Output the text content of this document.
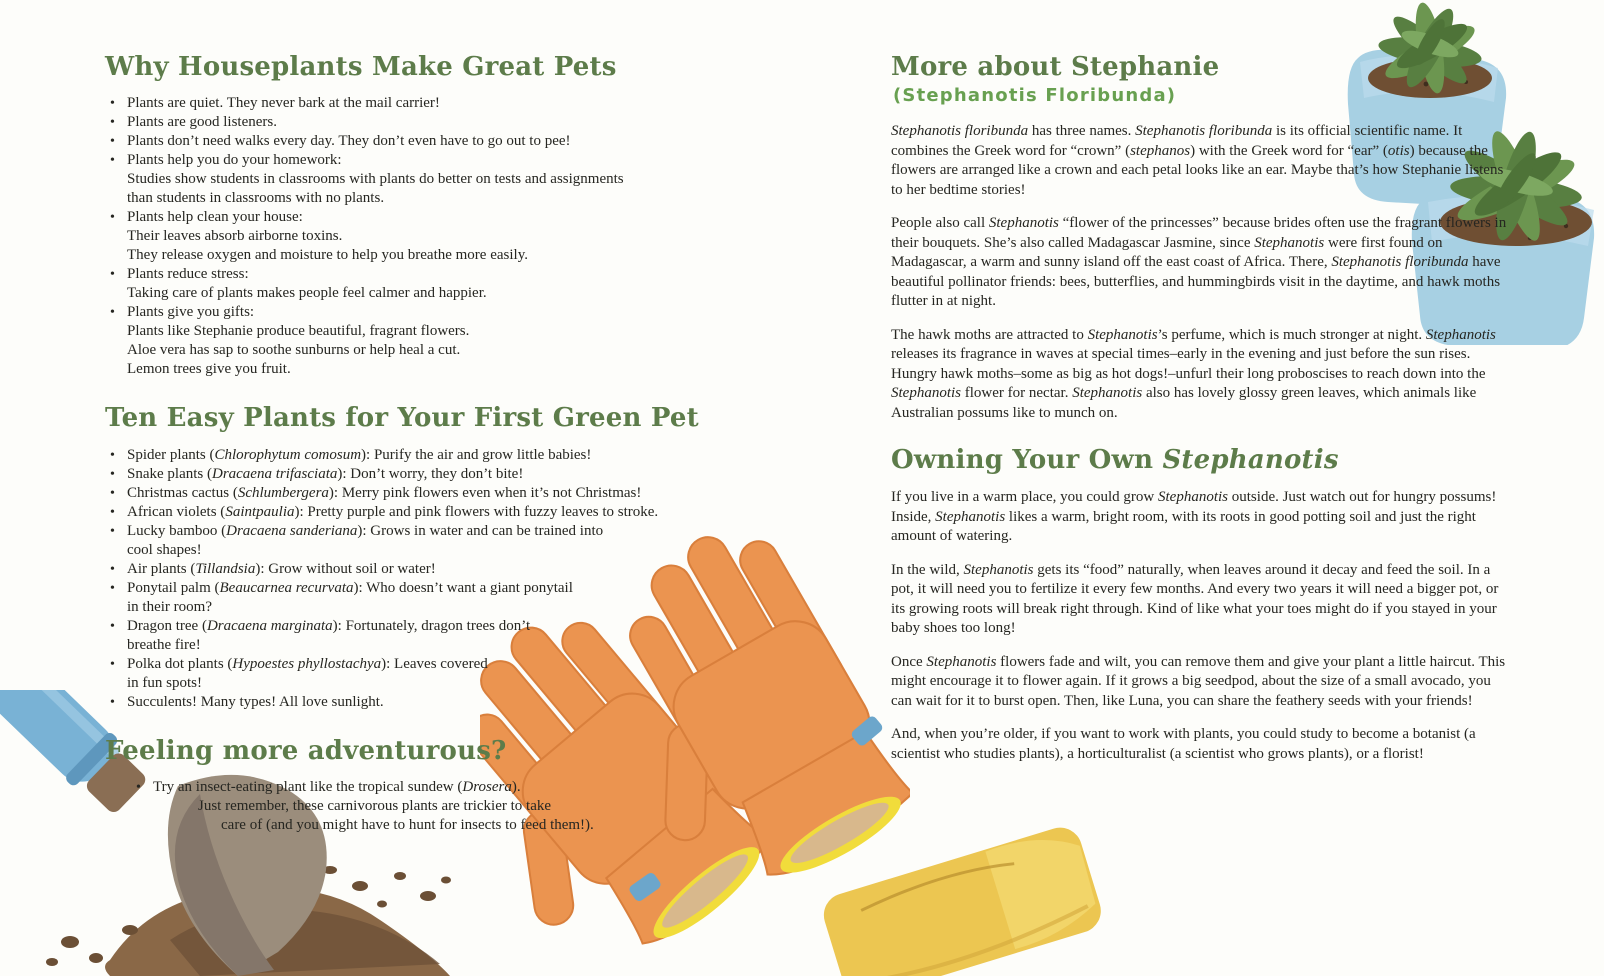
Why Houseplants Make Great Pets
• Plants are quiet. They never bark at the mail carrier!
• Plants are good listeners.
• Plants don’t need walks every day. They don’t even have to go out to pee!
• Plants help you do your homework:
Studies show students in classrooms with plants do better on tests and assignments
than students in classrooms with no plants.
• Plants help clean your house:
Their leaves absorb airborne toxins.
They release oxygen and moisture to help you breathe more easily.
• Plants reduce stress:
Taking care of plants makes people feel calmer and happier.
• Plants give you gifts:
Plants like Stephanie produce beautiful, fragrant flowers.
Aloe vera has sap to soothe sunburns or help heal a cut.
Lemon trees give you fruit.
Ten Easy Plants for Your First Green Pet
• Spider plants (Chlorophytum comosum): Purify the air and grow little babies!
• Snake plants (Dracaena trifasciata): Don’t worry, they don’t bite!
• Christmas cactus (Schlumbergera): Merry pink flowers even when it’s not Christmas!
• African violets (Saintpaulia): Pretty purple and pink flowers with fuzzy leaves to stroke.
• Lucky bamboo (Dracaena sanderiana): Grows in water and can be trained into
cool shapes!
• Air plants (Tillandsia): Grow without soil or water!
• Ponytail palm (Beaucarnea recurvata): Who doesn’t want a giant ponytail
in their room?
• Dragon tree (Dracaena marginata): Fortunately, dragon trees don’t
breathe fire!
• Polka dot plants (Hypoestes phyllostachya): Leaves covered
in fun spots!
• Succulents! Many types! All love sunlight.
Feeling more adventurous?
• Try an insect-eating plant like the tropical sundew (Drosera).
Just remember, these carnivorous plants are trickier to take
care of (and you might have to hunt for insects to feed them!).
More about Stephanie
(Stephanotis Floribunda)

Stephanotis floribunda has three names. Stephanotis floribunda is its official scientific name. It combines the Greek word for “crown” (stephanos) with the Greek word for “ear” (otis) because the flowers are arranged like a crown and each petal looks like an ear. Maybe that’s how Stephanie listens to her bedtime stories!

People also call Stephanotis “flower of the princesses” because brides often use the fragrant flowers in their bouquets. She’s also called Madagascar Jasmine, since Stephanotis were first found on Madagascar, a warm and sunny island off the east coast of Africa. There, Stephanotis floribunda have beautiful pollinator friends: bees, butterflies, and hummingbirds visit in the daytime, and hawk moths flutter in at night.

The hawk moths are attracted to Stephanotis’s perfume, which is much stronger at night. Stephanotis releases its fragrance in waves at special times–early in the evening and just before the sun rises. Hungry hawk moths–some as big as hot dogs!–unfurl their long proboscises to reach down into the Stephanotis flower for nectar. Stephanotis also has lovely glossy green leaves, which animals like Australian possums like to munch on.

Owning Your Own Stephanotis

If you live in a warm place, you could grow Stephanotis outside. Just watch out for hungry possums! Inside, Stephanotis likes a warm, bright room, with its roots in good potting soil and just the right amount of watering.

In the wild, Stephanotis gets its “food” naturally, when leaves around it decay and feed the soil. In a pot, it will need you to fertilize it every few months. And every two years it will need a bigger pot, or its growing roots will break right through. Kind of like what your toes might do if you stayed in your baby shoes too long!

Once Stephanotis flowers fade and wilt, you can remove them and give your plant a little haircut. This might encourage it to flower again. If it grows a big seedpod, about the size of a small avocado, you can wait for it to burst open. Then, like Luna, you can share the feathery seeds with your friends!

And, when you’re older, if you want to work with plants, you could study to become a botanist (a scientist who studies plants), a horticulturalist (a scientist who grows plants), or a florist!
